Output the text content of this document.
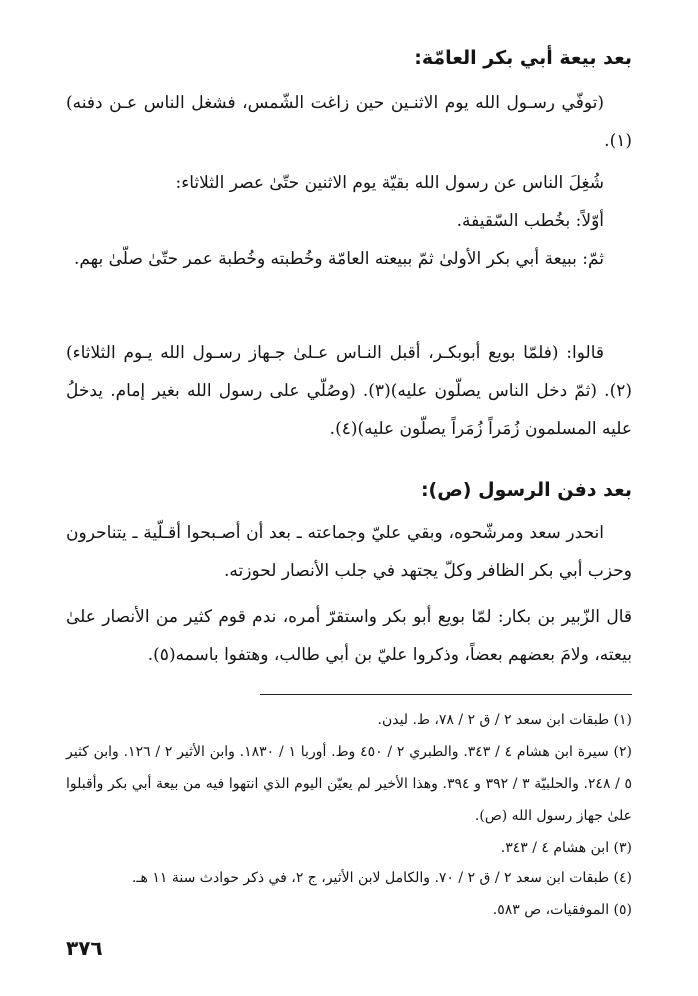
بعد بيعة أبي بكر العامّة:
(توفّي رسـول الله يوم الاثنـين حين زاغت الشّمس، فشغل الناس عـن دفنه)(١).
شُغِلَ الناس عن رسول الله بقيّة يوم الاثنين حتّىٰ عصر الثلاثاء:
أوّلاً: بخُطب السّقيفة.
ثمّ: ببيعة أبي بكر الأولىٰ ثمّ ببيعته العامّة وخُطبته وخُطبة عمر حتّىٰ صلّىٰ بهم.
قالوا: (فلمّا بويع أبوبكـر، أقبل النـاس عـلىٰ جـهاز رسـول الله يـوم الثلاثاء)(٢). (ثمّ دخل الناس يصلّون عليه)(٣). (وصُلّي على رسول الله بغير إمام. يدخلُ عليه المسلمون زُمَراً زُمَراً يصلّون عليه)(٤).
بعد دفن الرسول (ص):
انحدر سعد ومرشّحوه، وبقي عليّ وجماعته ـ بعد أن أصـبحوا أقـلّية ـ يتناحرون وحزب أبي بكر الظافر وكلّ يجتهد في جلب الأنصار لحوزته.
قال الزّبير بن بكار: لمّا بويع أبو بكر واستقرّ أمره، ندم قوم كثير من الأنصار علىٰ بيعته، ولامَ بعضهم بعضاً، وذكروا عليّ بن أبي طالب، وهتفوا باسمه(٥).
(١) طبقات ابن سعد ٢ / ق ٢ / ٧٨، ط. ليدن.
(٢) سيرة ابن هشام ٤ / ٣٤٣. والطبري ٢ / ٤٥٠ وط. أوربا ١ / ١٨٣٠. وابن الأثير ٢ / ١٢٦. وابن كثير ٥ / ٢٤٨. والحلبيّة ٣ / ٣٩٢ و ٣٩٤. وهذا الأخير لم يعيّن اليوم الذي انتهوا فيه من بيعة أبي بكر وأقبلوا علىٰ جهاز رسول الله (ص).
(٣) ابن هشام ٤ / ٣٤٣.
(٤) طبقات ابن سعد ٢ / ق ٢ / ٧٠. والكامل لابن الأثير، ج ٢، في ذكر حوادث سنة ١١ هـ.
(٥) الموفقيات، ص ٥٨٣.
٣٧٦
